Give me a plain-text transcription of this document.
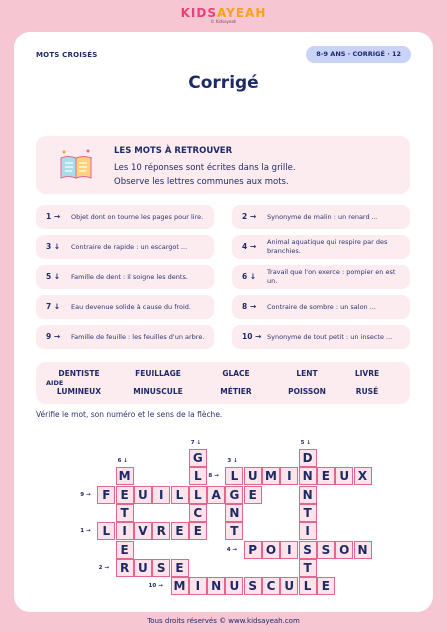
KIDSAYEAH
© Kidsayeah
MOTS CROISÉS	8-9 ANS · CORRIGÉ · 12
Corrigé
LES MOTS À RETROUVER
Les 10 réponses sont écrites dans la grille.
Observe les lettres communes aux mots.
1 → Objet dont on tourne les pages pour lire.	2 → Synonyme de malin : un renard ...
3 ↓ Contraire de rapide : un escargot ...	4 → Animal aquatique qui respire par des branchies.
5 ↓ Famille de dent : il soigne les dents.	6 ↓ Travail que l'on exerce : pompier en est un.
7 ↓ Eau devenue solide à cause du froid.	8 → Contraire de sombre : un salon ...
9 → Famille de feuille : les feuilles d'un arbre.	10 → Synonyme de tout petit : un insecte ...
AIDE
DENTISTE	FEUILLAGE	GLACE	LENT	LIVRE
LUMINEUX	MINUSCULE	MÉTIER	POISSON	RUSÉ
Vérifie le mot, son numéro et le sens de la flèche.
G	D
M	L	L U M I N E U X
F E U I	L L A G E	N
T	C	N	T
L	I V R E E	T	I
E	P O I S S O N
R U S E	T
M I N U S C U L E
7 ↓	5 ↓
6 ↓	3 ↓
8 →
9 →
1 →
4 →
2 →
10 →
Tous droits réservés © www.kidsayeah.com
